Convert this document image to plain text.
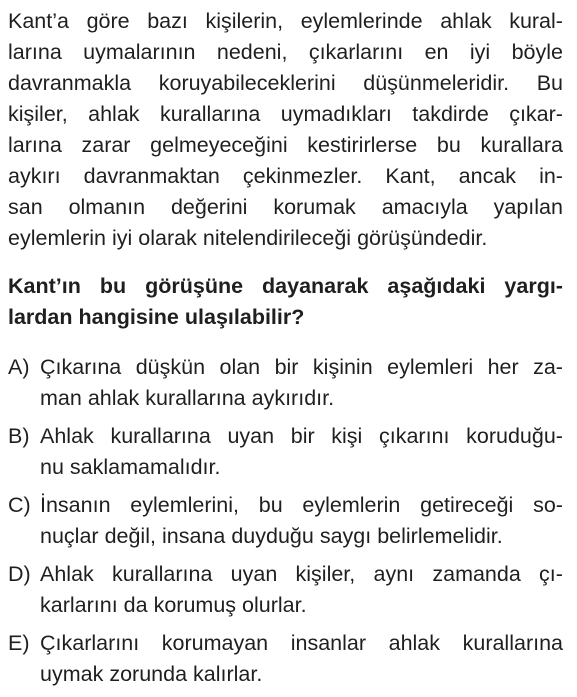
Kant’a göre bazı kişilerin, eylemlerinde ahlak kural-
larına uymalarının nedeni, çıkarlarını en iyi böyle
davranmakla koruyabileceklerini düşünmeleridir. Bu
kişiler, ahlak kurallarına uymadıkları takdirde çıkar-
larına zarar gelmeyeceğini kestirirlerse bu kurallara
aykırı davranmaktan çekinmezler. Kant, ancak in-
san olmanın değerini korumak amacıyla yapılan
eylemlerin iyi olarak nitelendirileceği görüşündedir.
Kant’ın bu görüşüne dayanarak aşağıdaki yargı-
lardan hangisine ulaşılabilir?
A) Çıkarına düşkün olan bir kişinin eylemleri her za-
man ahlak kurallarına aykırıdır.
B) Ahlak kurallarına uyan bir kişi çıkarını koruduğu-
nu saklamamalıdır.
C) İnsanın eylemlerini, bu eylemlerin getireceği so-
nuçlar değil, insana duyduğu saygı belirlemelidir.
D) Ahlak kurallarına uyan kişiler, aynı zamanda çı-
karlarını da korumuş olurlar.
E) Çıkarlarını korumayan insanlar ahlak kurallarına
uymak zorunda kalırlar.
